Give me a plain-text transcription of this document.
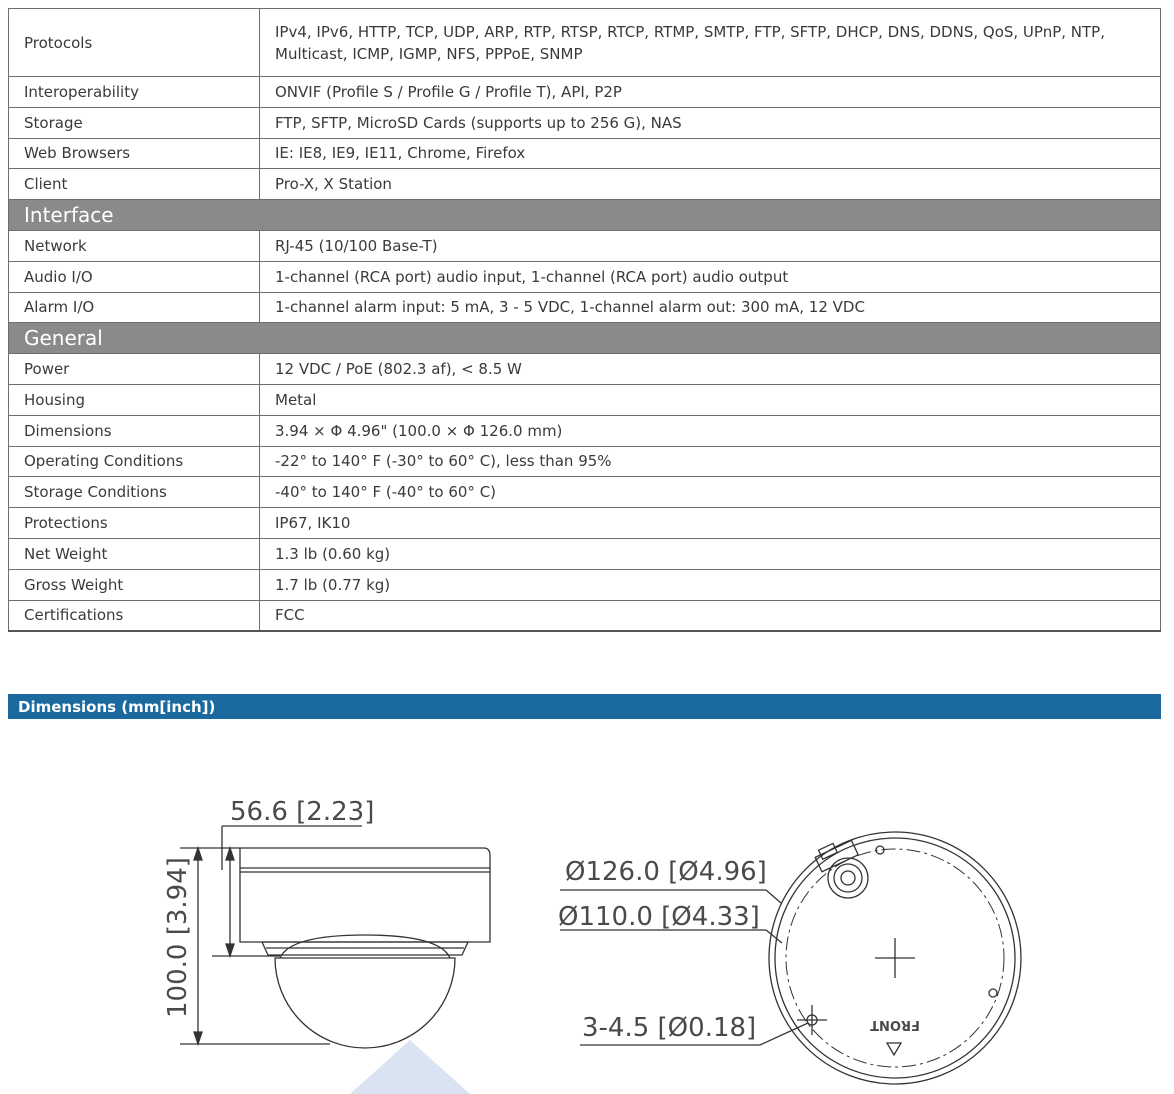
Protocols	IPv4, IPv6, HTTP, TCP, UDP, ARP, RTP, RTSP, RTCP, RTMP, SMTP, FTP, SFTP, DHCP, DNS, DDNS, QoS, UPnP, NTP, Multicast, ICMP, IGMP, NFS, PPPoE, SNMP
Interoperability	ONVIF (Profile S / Profile G / Profile T), API, P2P
Storage	FTP, SFTP, MicroSD Cards (supports up to 256 G), NAS
Web Browsers	IE: IE8, IE9, IE11, Chrome, Firefox
Client	Pro-X, X Station
Interface	
Network	RJ-45 (10/100 Base-T)
Audio I/O	1-channel (RCA port) audio input, 1-channel (RCA port) audio output
Alarm I/O	1-channel alarm input: 5 mA, 3 - 5 VDC, 1-channel alarm out: 300 mA, 12 VDC
General	
Power	12 VDC / PoE (802.3 af), < 8.5 W
Housing	Metal
Dimensions	3.94 × Φ 4.96" (100.0 × Φ 126.0 mm)
Operating Conditions	-22° to 140° F (-30° to 60° C), less than 95%
Storage Conditions	-40° to 140° F (-40° to 60° C)
Protections	IP67, IK10
Net Weight	1.3 lb (0.60 kg)
Gross Weight	1.7 lb (0.77 kg)
Certifications	FCC
Dimensions (mm[inch])
56.6 [2.23]
100.0 [3.94]
FRONT
Ø126.0 [Ø4.96]
Ø110.0 [Ø4.33]
3-4.5 [Ø0.18]
